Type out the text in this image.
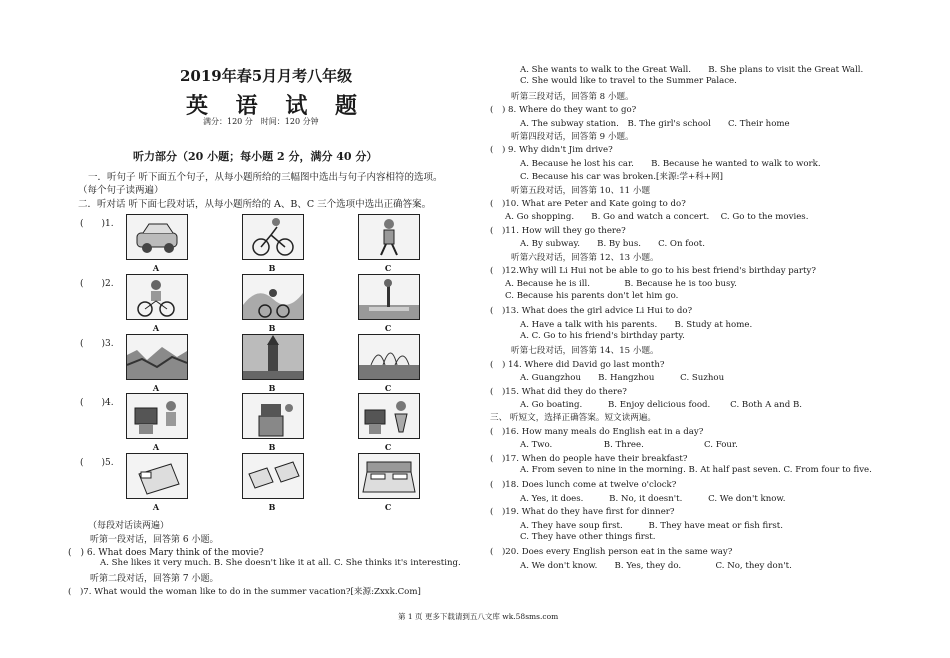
2019年春5月月考八年级
英 语 试 题
满分：120 分　时间：120 分钟
听力部分（20 小题；每小题 2 分，满分 40 分）
一．听句子 听下面五个句子，从每小题所给的三幅图中选出与句子内容相符的选项。
（每个句子读两遍）
二．听对话 听下面七段对话，从每小题所给的 A、B、C 三个选项中选出正确答案。
(　　)1.
A	B	C
(　　)2.
A	B	C
(　　)3.
A	B	C
(　　)4.
A	B	C
(　　)5.
A	B	C
（每段对话读两遍）
听第一段对话，回答第 6 小题。
(　) 6. What does Mary think of the movie?
A. She likes it very much. B. She doesn't like it at all. C. She thinks it's interesting.
听第二段对话，回答第 7 小题。
(　)7. What would the woman like to do in the summer vacation?[来源:Zxxk.Com]
A. She wants to walk to the Great Wall.　　B. She plans to visit the Great Wall.
C. She would like to travel to the Summer Palace.
听第三段对话，回答第 8 小题。
(　) 8. Where do they want to go?
A. The subway station.　B. The girl's school　　C. Their home
听第四段对话，回答第 9 小题。
(　) 9. Why didn't Jim drive?
A. Because he lost his car.　　B. Because he wanted to walk to work.
C. Because his car was broken.[来源:学+科+网]
听第五段对话，回答第 10、11 小题
(　)10. What are Peter and Kate going to do?
A. Go shopping.　　B. Go and watch a concert.　 C. Go to the movies.
(　)11. How will they go there?
A. By subway.　　B. By bus.　　C. On foot.
听第六段对话，回答第 12、13 小题。
(　)12.Why will Li Hui not be able to go to his best friend's birthday party?
A. Because he is ill.　　　　B. Because he is too busy.
C. Because his parents don't let him go.
(　)13. What does the girl advice Li Hui to do?
A. Have a talk with his parents.　　B. Study at home.
A. C. Go to his friend's birthday party.
听第七段对话，回答第 14、15 小题。
(　) 14. Where did David go last month?
A. Guangzhou　　B. Hangzhou　　　C. Suzhou
(　)15. What did they do there?
A. Go boating.　　　B. Enjoy delicious food.　　 C. Both A and B.
三、 听短文，选择正确答案。短文读两遍。
(　)16. How many meals do English eat in a day?
A. Two.　　　　　　B. Three.　　　　　　　C. Four.
(　)17. When do people have their breakfast?
A. From seven to nine in the morning. B. At half past seven. C. From four to five.
(　)18. Does lunch come at twelve o'clock?
A. Yes, it does.　　　B. No, it doesn't.　　　C. We don't know.
(　)19. What do they have first for dinner?
A. They have soup first.　　　B. They have meat or fish first.
C. They have other things first.
(　)20. Does every English person eat in the same way?
A. We don't know.　　B. Yes, they do.　　　　C. No, they don't.
第 1 页 更多下载请到五八文库 wk.58sms.com
